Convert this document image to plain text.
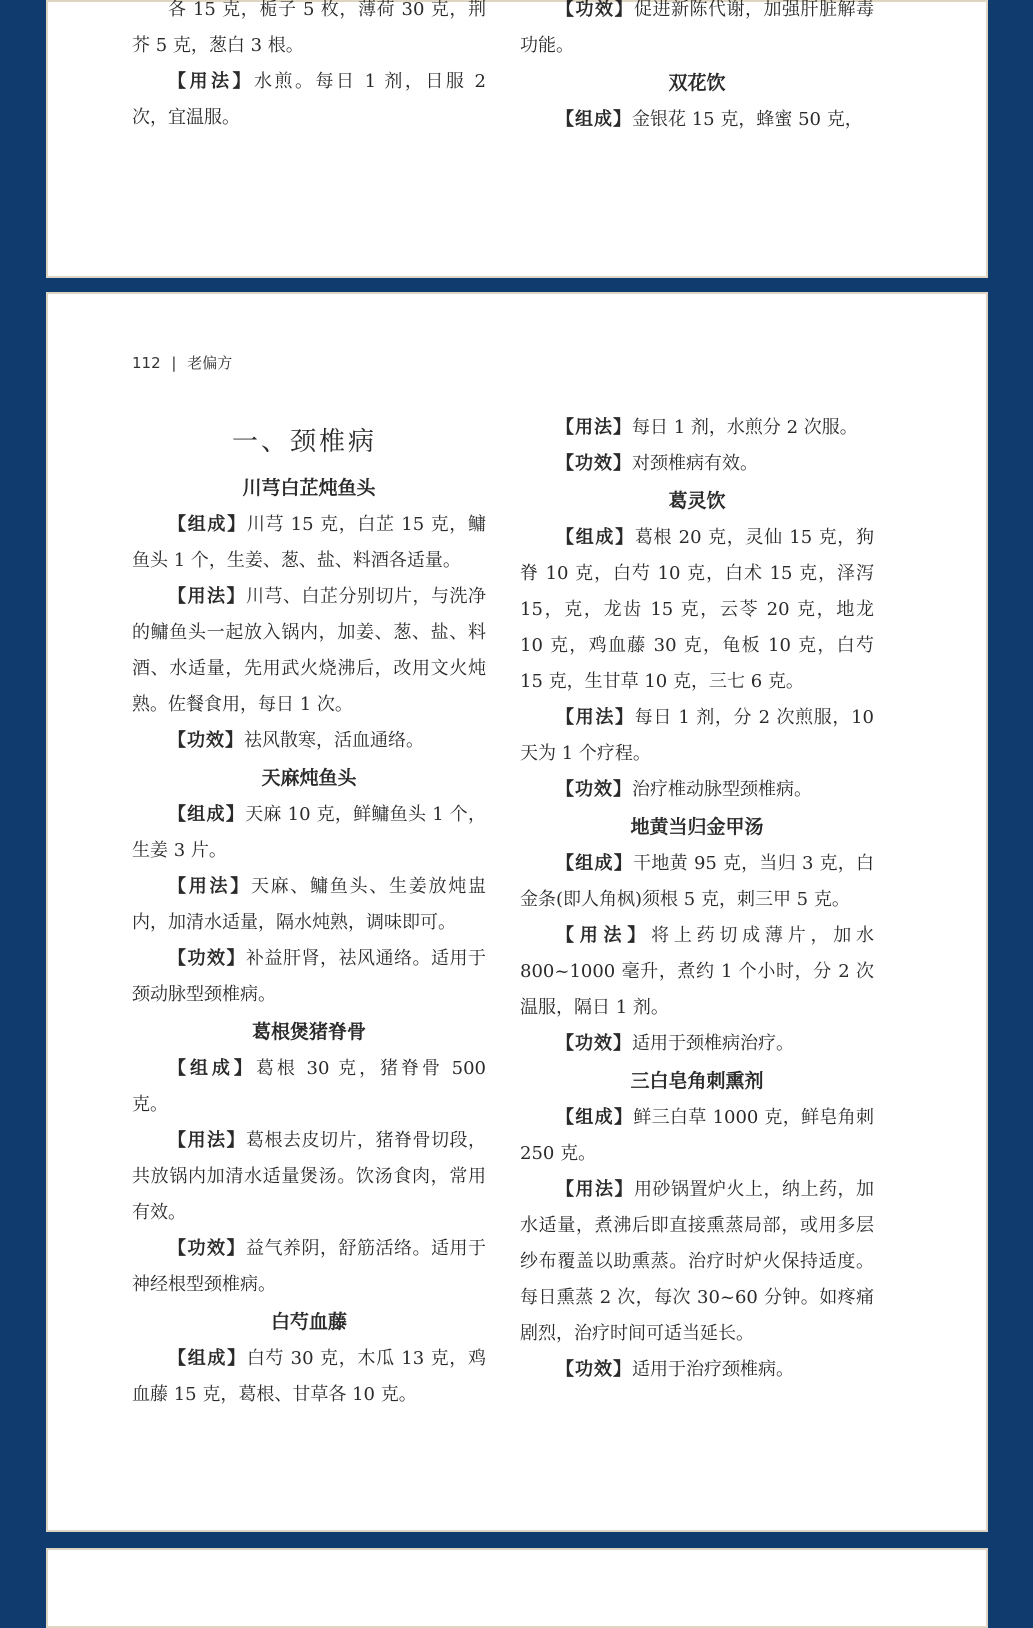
各 15 克，栀子 5 枚，薄荷 30 克，荆芥 5 克，葱白 3 根。

【用法】水煎。每日 1 剂，日服 2 次，宜温服。

【功效】促进新陈代谢，加强肝脏解毒功能。

双花饮

【组成】金银花 15 克，蜂蜜 50 克，

112 | 老偏方

一、颈椎病
川芎白芷炖鱼头

【组成】川芎 15 克，白芷 15 克，鳙鱼头 1 个，生姜、葱、盐、料酒各适量。

【用法】川芎、白芷分别切片，与洗净的鳙鱼头一起放入锅内，加姜、葱、盐、料酒、水适量，先用武火烧沸后，改用文火炖熟。佐餐食用，每日 1 次。

【功效】祛风散寒，活血通络。

天麻炖鱼头

【组成】天麻 10 克，鲜鳙鱼头 1 个，生姜 3 片。

【用法】天麻、鳙鱼头、生姜放炖盅内，加清水适量，隔水炖熟，调味即可。

【功效】补益肝肾，祛风通络。适用于颈动脉型颈椎病。

葛根煲猪脊骨

【组成】葛根 30 克，猪脊骨 500 克。

【用法】葛根去皮切片，猪脊骨切段，共放锅内加清水适量煲汤。饮汤食肉，常用有效。

【功效】益气养阴，舒筋活络。适用于神经根型颈椎病。

白芍血藤

【组成】白芍 30 克，木瓜 13 克，鸡血藤 15 克，葛根、甘草各 10 克。

【用法】每日 1 剂，水煎分 2 次服。

【功效】对颈椎病有效。

葛灵饮

【组成】葛根 20 克，灵仙 15 克，狗脊 10 克，白芍 10 克，白术 15 克，泽泻 15，克，龙齿 15 克，云苓 20 克，地龙 10 克，鸡血藤 30 克，龟板 10 克，白芍 15 克，生甘草 10 克，三七 6 克。

【用法】每日 1 剂，分 2 次煎服，10 天为 1 个疗程。

【功效】治疗椎动脉型颈椎病。

地黄当归金甲汤

【组成】干地黄 95 克，当归 3 克，白金条(即人角枫)须根 5 克，刺三甲 5 克。

【用法】将上药切成薄片，加水 800~1000 毫升，煮约 1 个小时，分 2 次温服，隔日 1 剂。

【功效】适用于颈椎病治疗。

三白皂角刺熏剂

【组成】鲜三白草 1000 克，鲜皂角刺 250 克。

【用法】用砂锅置炉火上，纳上药，加水适量，煮沸后即直接熏蒸局部，或用多层纱布覆盖以助熏蒸。治疗时炉火保持适度。每日熏蒸 2 次，每次 30~60 分钟。如疼痛剧烈，治疗时间可适当延长。

【功效】适用于治疗颈椎病。
